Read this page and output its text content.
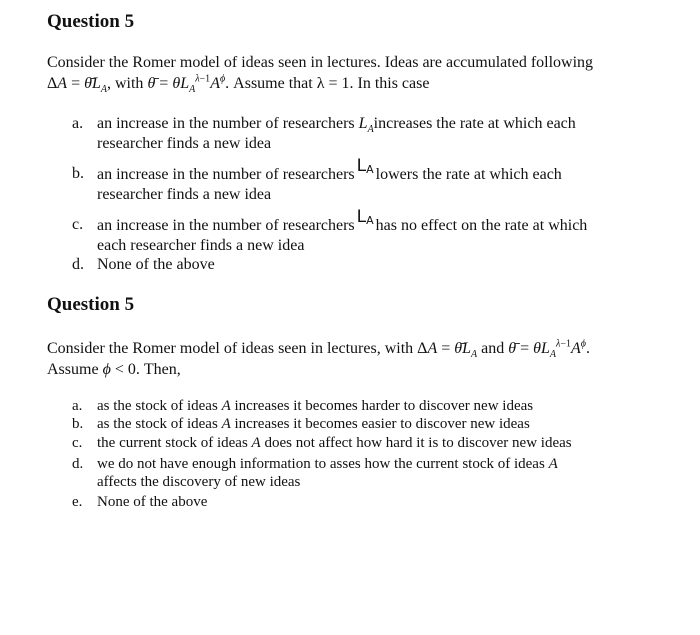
Question 5
Consider the Romer model of ideas seen in lectures. Ideas are accumulated following
$\Delta A = \thetāL_A$, with θ̄ = $\theta L_A^{\lambda-1}A^\phi$. Assume that λ = 1. In this case
a. an increase in the number of researchers $L_Aincreases$ the rate at which each
researcher finds a new idea
b. an increase in the number of researchers $L_A$ lowers the rate at which each
researcher finds a new idea
c. an increase in the number of researchers $L_A$ has no effect on the rate at which
each researcher finds a new idea
d. None of the above
Question 5
Consider the Romer model of ideas seen in lectures, with $\Delta A = \thetāL_A$ and θ̄ = $\theta L_A^{\lambda-1}A^\phi$.
Assume ϕ < 0. Then,
a. as the stock of ideas A increases it becomes harder to discover new ideas
b. as the stock of ideas A increases it becomes easier to discover new ideas
c. the current stock of ideas A does not affect how hard it is to discover new ideas
d. we do not have enough information to asses how the current stock of ideas A
affects the discovery of new ideas
e. None of the above
